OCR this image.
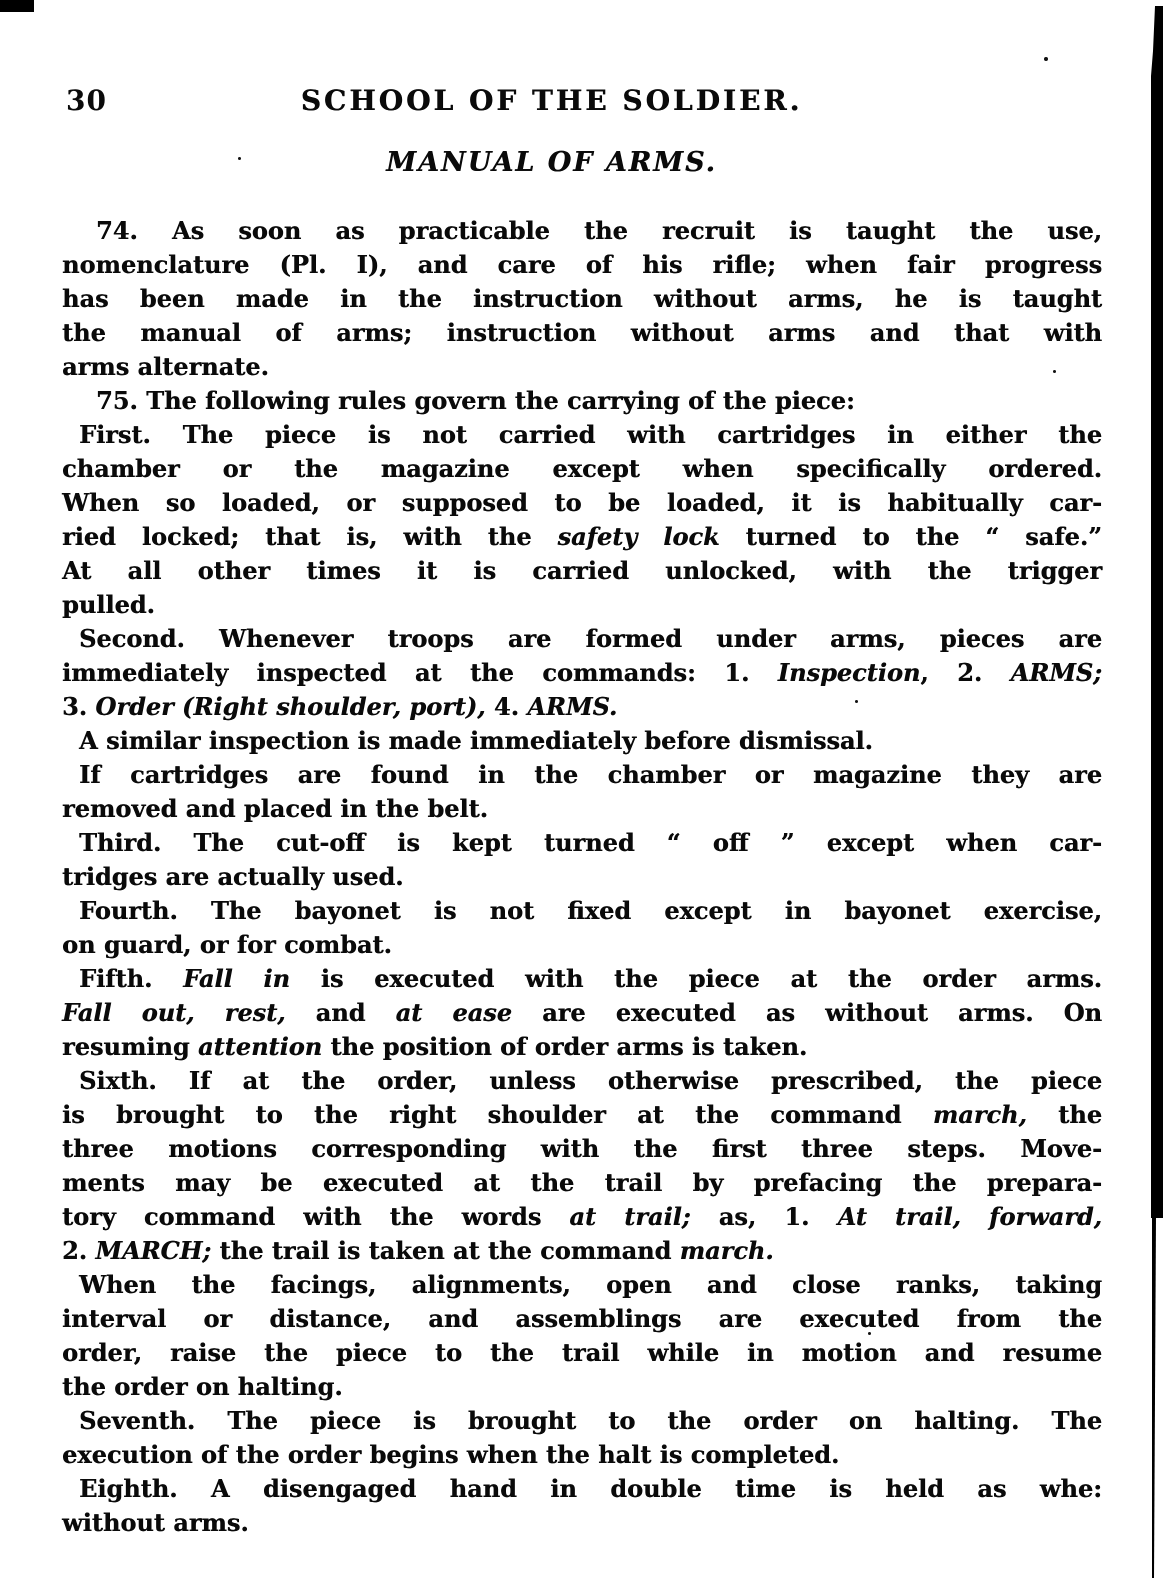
30	SCHOOL OF THE SOLDIER.
MANUAL OF ARMS.
74. As soon as practicable the recruit is taught the use,
nomenclature (Pl. I), and care of his rifle; when fair progress
has been made in the instruction without arms, he is taught
the manual of arms; instruction without arms and that with
arms alternate.
75. The following rules govern the carrying of the piece:
First. The piece is not carried with cartridges in either the
chamber or the magazine except when specifically ordered.
When so loaded, or supposed to be loaded, it is habitually car-
ried locked; that is, with the safety lock turned to the “ safe.”
At all other times it is carried unlocked, with the trigger
pulled.
Second. Whenever troops are formed under arms, pieces are
immediately inspected at the commands: 1. Inspection, 2. ARMS;
3. Order (Right shoulder, port), 4. ARMS.
A similar inspection is made immediately before dismissal.
If cartridges are found in the chamber or magazine they are
removed and placed in the belt.
Third. The cut-off is kept turned “ off ” except when car-
tridges are actually used.
Fourth. The bayonet is not fixed except in bayonet exercise,
on guard, or for combat.
Fifth. Fall in is executed with the piece at the order arms.
Fall out, rest, and at ease are executed as without arms. On
resuming attention the position of order arms is taken.
Sixth. If at the order, unless otherwise prescribed, the piece
is brought to the right shoulder at the command march, the
three motions corresponding with the first three steps. Move-
ments may be executed at the trail by prefacing the prepara-
tory command with the words at trail; as, 1. At trail, forward,
2. MARCH; the trail is taken at the command march.
When the facings, alignments, open and close ranks, taking
interval or distance, and assemblings are executed from the
order, raise the piece to the trail while in motion and resume
the order on halting.
Seventh. The piece is brought to the order on halting. The
execution of the order begins when the halt is completed.
Eighth. A disengaged hand in double time is held as whe:
without arms.
